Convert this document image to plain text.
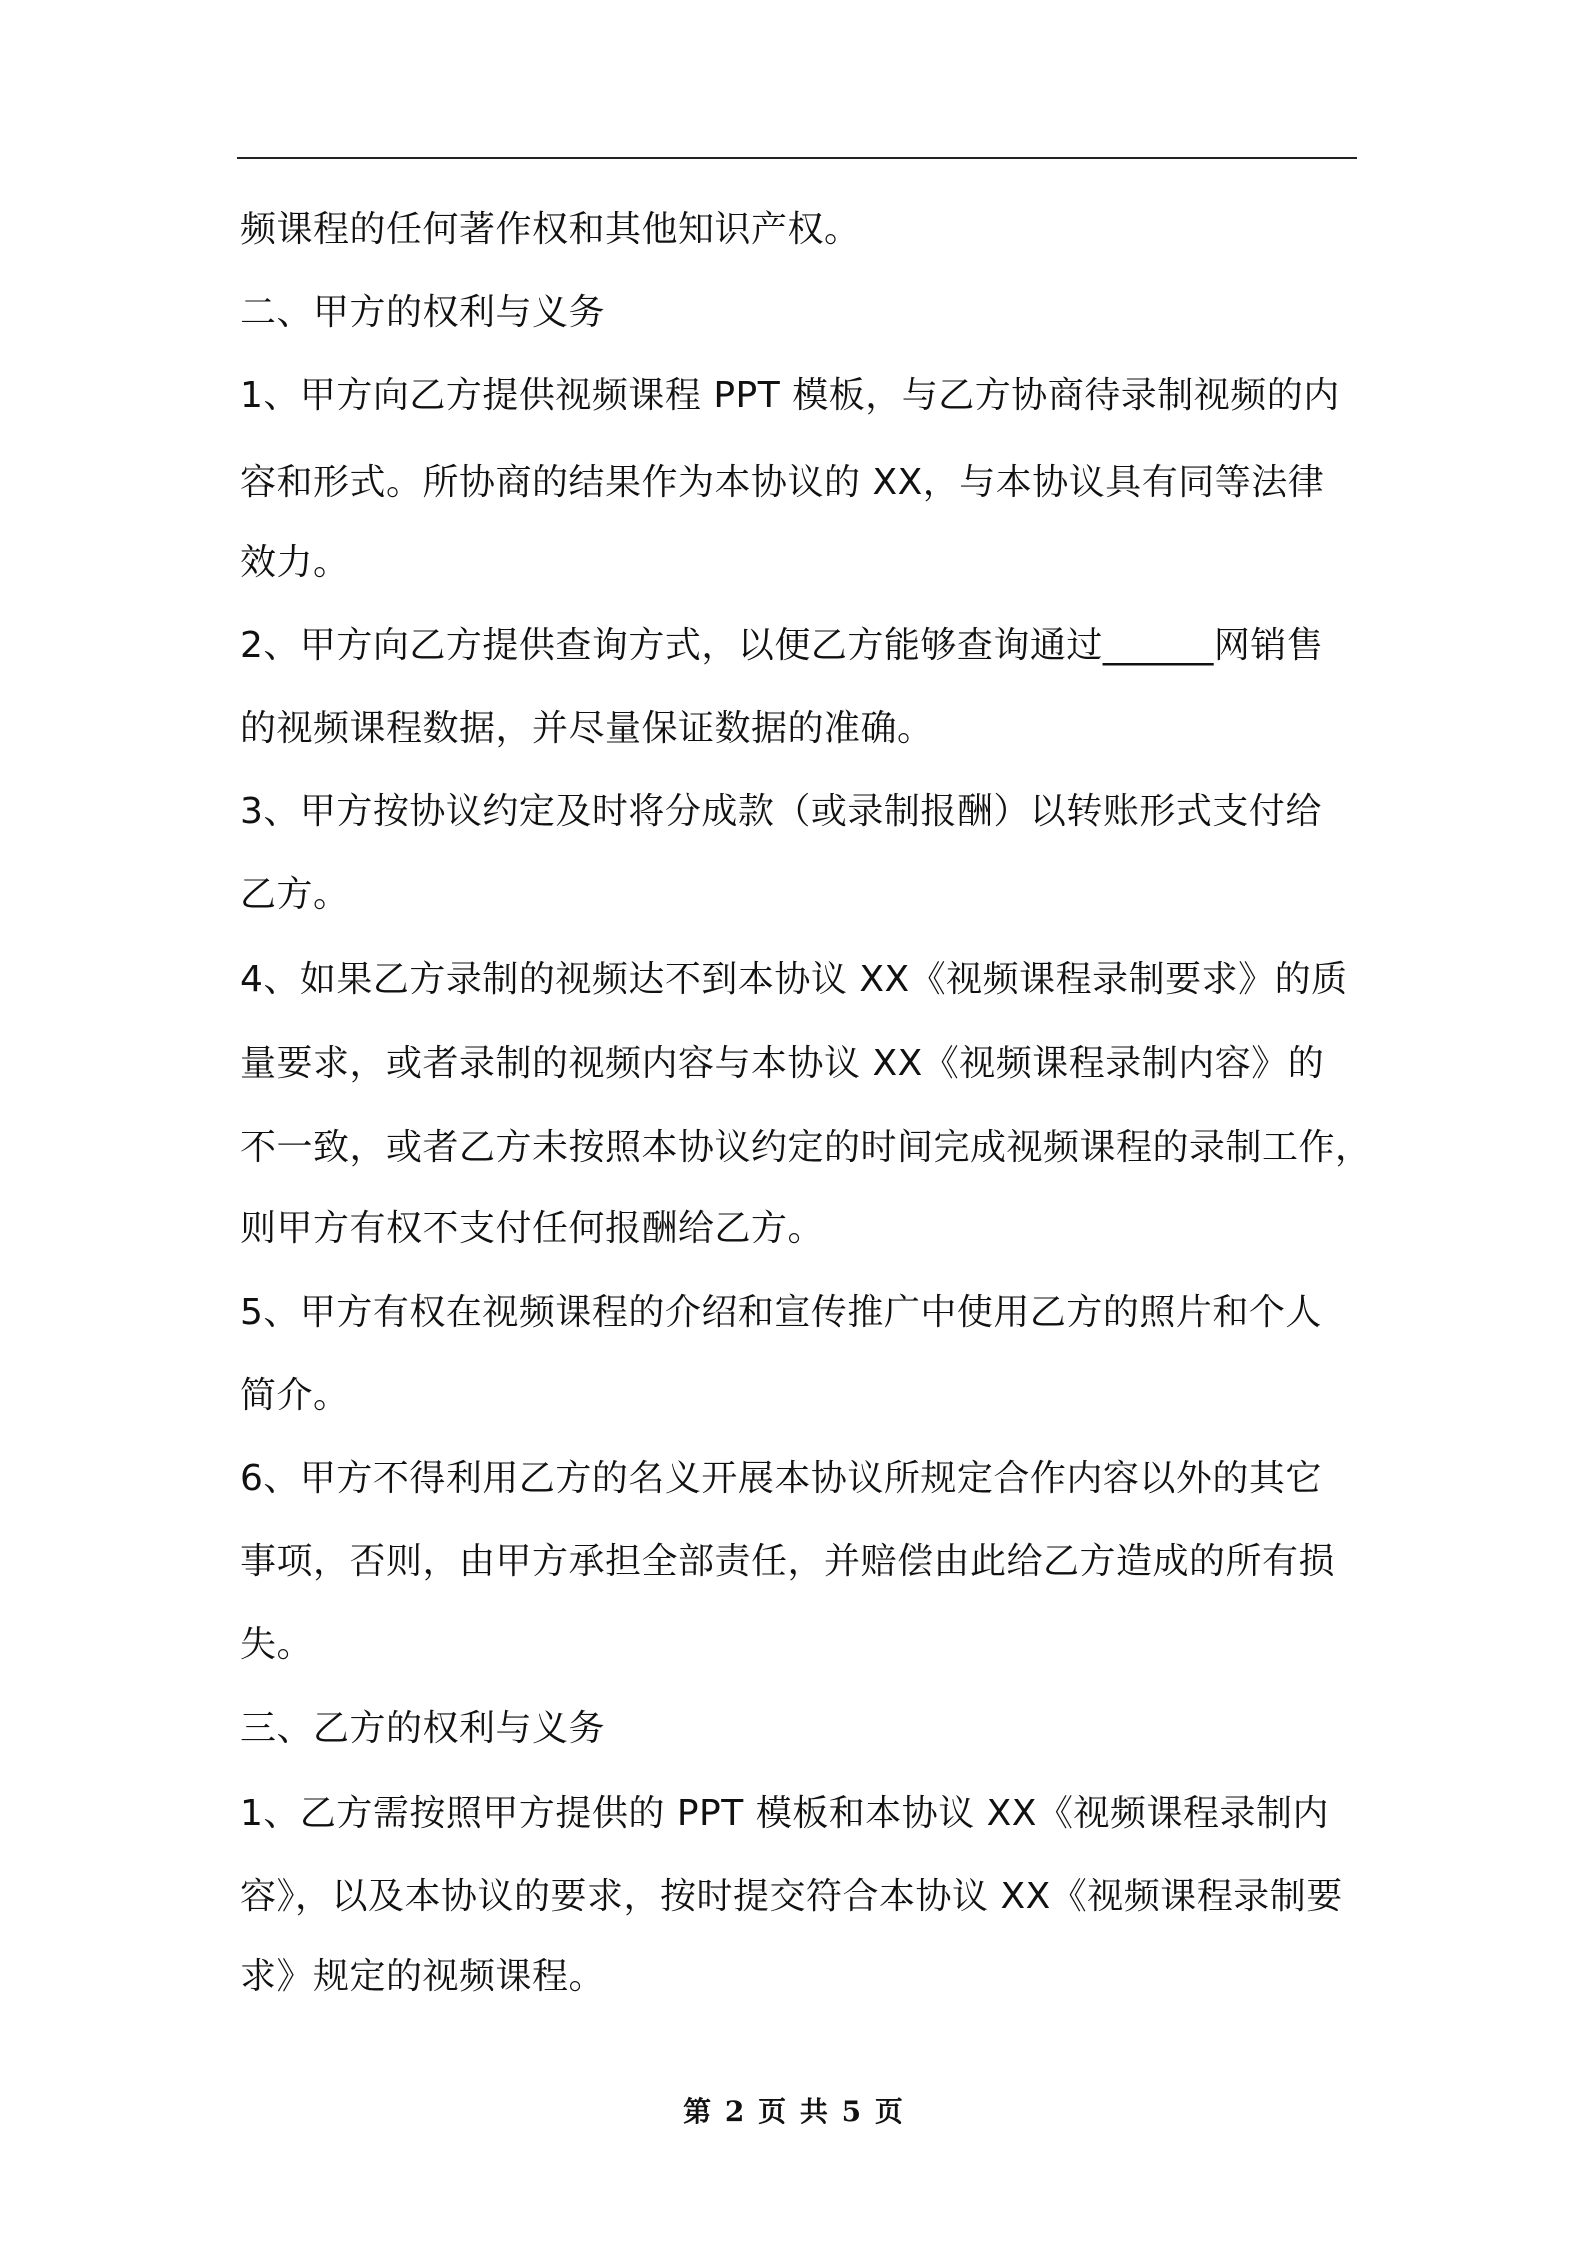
频课程的任何著作权和其他知识产权。
二、甲方的权利与义务
1、甲方向乙方提供视频课程 PPT 模板，与乙方协商待录制视频的内
容和形式。所协商的结果作为本协议的 XX，与本协议具有同等法律
效力。
2、甲方向乙方提供查询方式，以便乙方能够查询通过______网销售
的视频课程数据，并尽量保证数据的准确。
3、甲方按协议约定及时将分成款（或录制报酬）以转账形式支付给
乙方。
4、如果乙方录制的视频达不到本协议 XX《视频课程录制要求》的质
量要求，或者录制的视频内容与本协议 XX《视频课程录制内容》的
不一致，或者乙方未按照本协议约定的时间完成视频课程的录制工作，
则甲方有权不支付任何报酬给乙方。
5、甲方有权在视频课程的介绍和宣传推广中使用乙方的照片和个人
简介。
6、甲方不得利用乙方的名义开展本协议所规定合作内容以外的其它
事项，否则，由甲方承担全部责任，并赔偿由此给乙方造成的所有损
失。
三、乙方的权利与义务
1、乙方需按照甲方提供的 PPT 模板和本协议 XX《视频课程录制内
容》，以及本协议的要求，按时提交符合本协议 XX《视频课程录制要
求》规定的视频课程。
第 2 页 共 5 页
